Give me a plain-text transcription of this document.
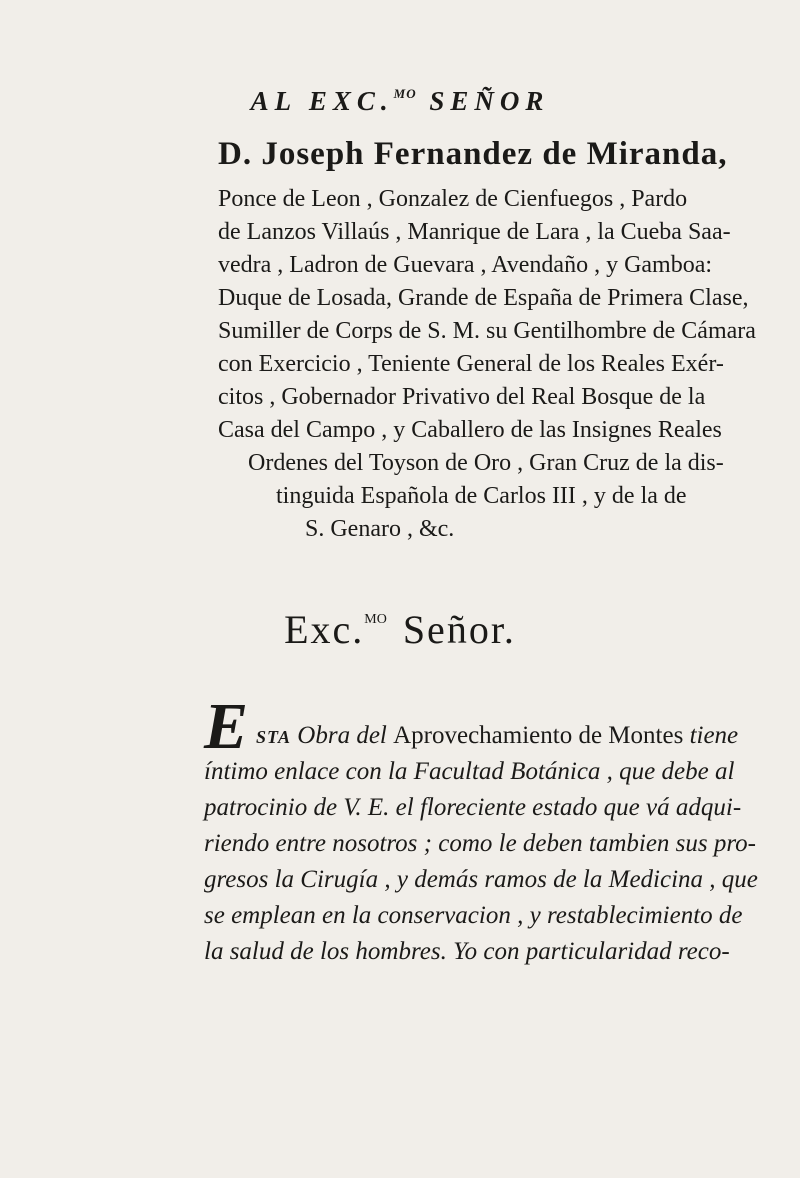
AL EXC.$^{MO}$ SEÑOR
D. Joseph Fernandez de Miranda,
Ponce de Leon , Gonzalez de Cienfuegos , Pardo
de Lanzos Villaús , Manrique de Lara , la Cueba Saa-
vedra , Ladron de Guevara , Avendaño , y Gamboa:
Duque de Losada, Grande de España de Primera Clase,
Sumiller de Corps de S. M. su Gentilhombre de Cámara
con Exercicio , Teniente General de los Reales Exér-
citos , Gobernador Privativo del Real Bosque de la
Casa del Campo , y Caballero de las Insignes Reales
Ordenes del Toyson de Oro , Gran Cruz de la dis-
tinguida Española de Carlos III , y de la de
S. Genaro , &c.
Exc.$^{MO}$ Señor.
E sta Obra del Aprovechamiento de Montes tiene
íntimo enlace con la Facultad Botánica , que debe al
patrocinio de V. E. el floreciente estado que vá adqui-
riendo entre nosotros ; como le deben tambien sus pro-
gresos la Cirugía , y demás ramos de la Medicina , que
se emplean en la conservacion , y restablecimiento de
la salud de los hombres. Yo con particularidad reco-
